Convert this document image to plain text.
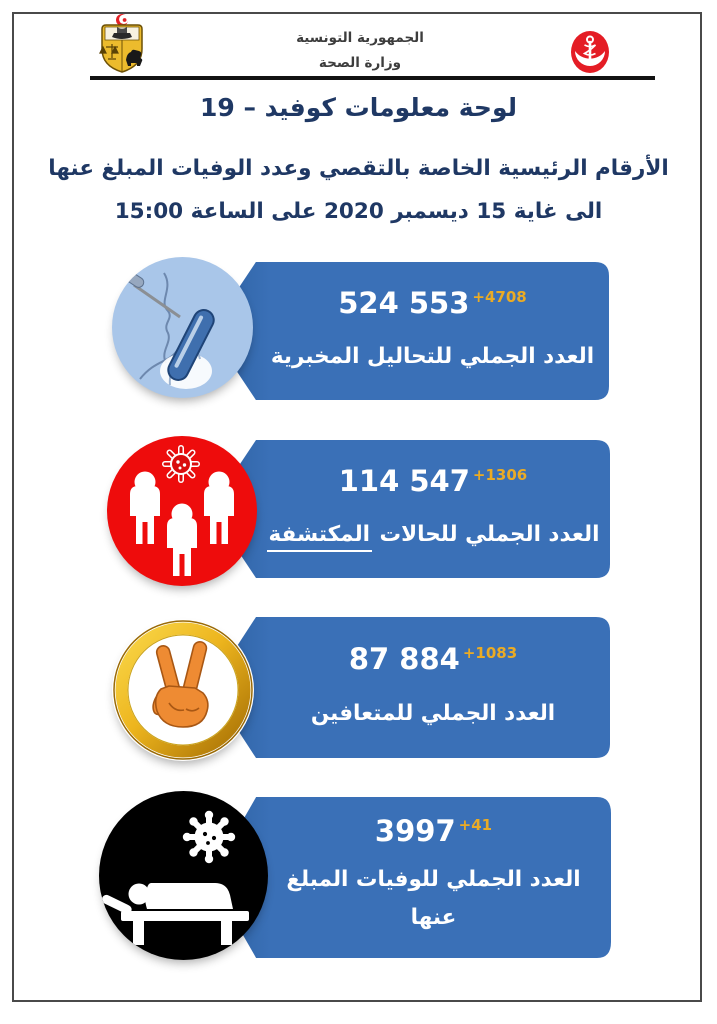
الجمهورية التونسية
وزارة الصحة
لوحة معلومات كوفيد – 19
الأرقام الرئيسية الخاصة بالتقصي وعدد الوفيات المبلغ عنها
الى غاية 15 ديسمبر 2020 على الساعة 15:00
524 553 $^{+4708}$
العدد الجملي للتحاليل المخبرية
114 547 $^{+1306}$
العدد الجملي للحالات المكتشفة
87 884 $^{+1083}$
العدد الجملي للمتعافين
3997 $^{+41}$
العدد الجملي للوفيات المبلغ عنها
